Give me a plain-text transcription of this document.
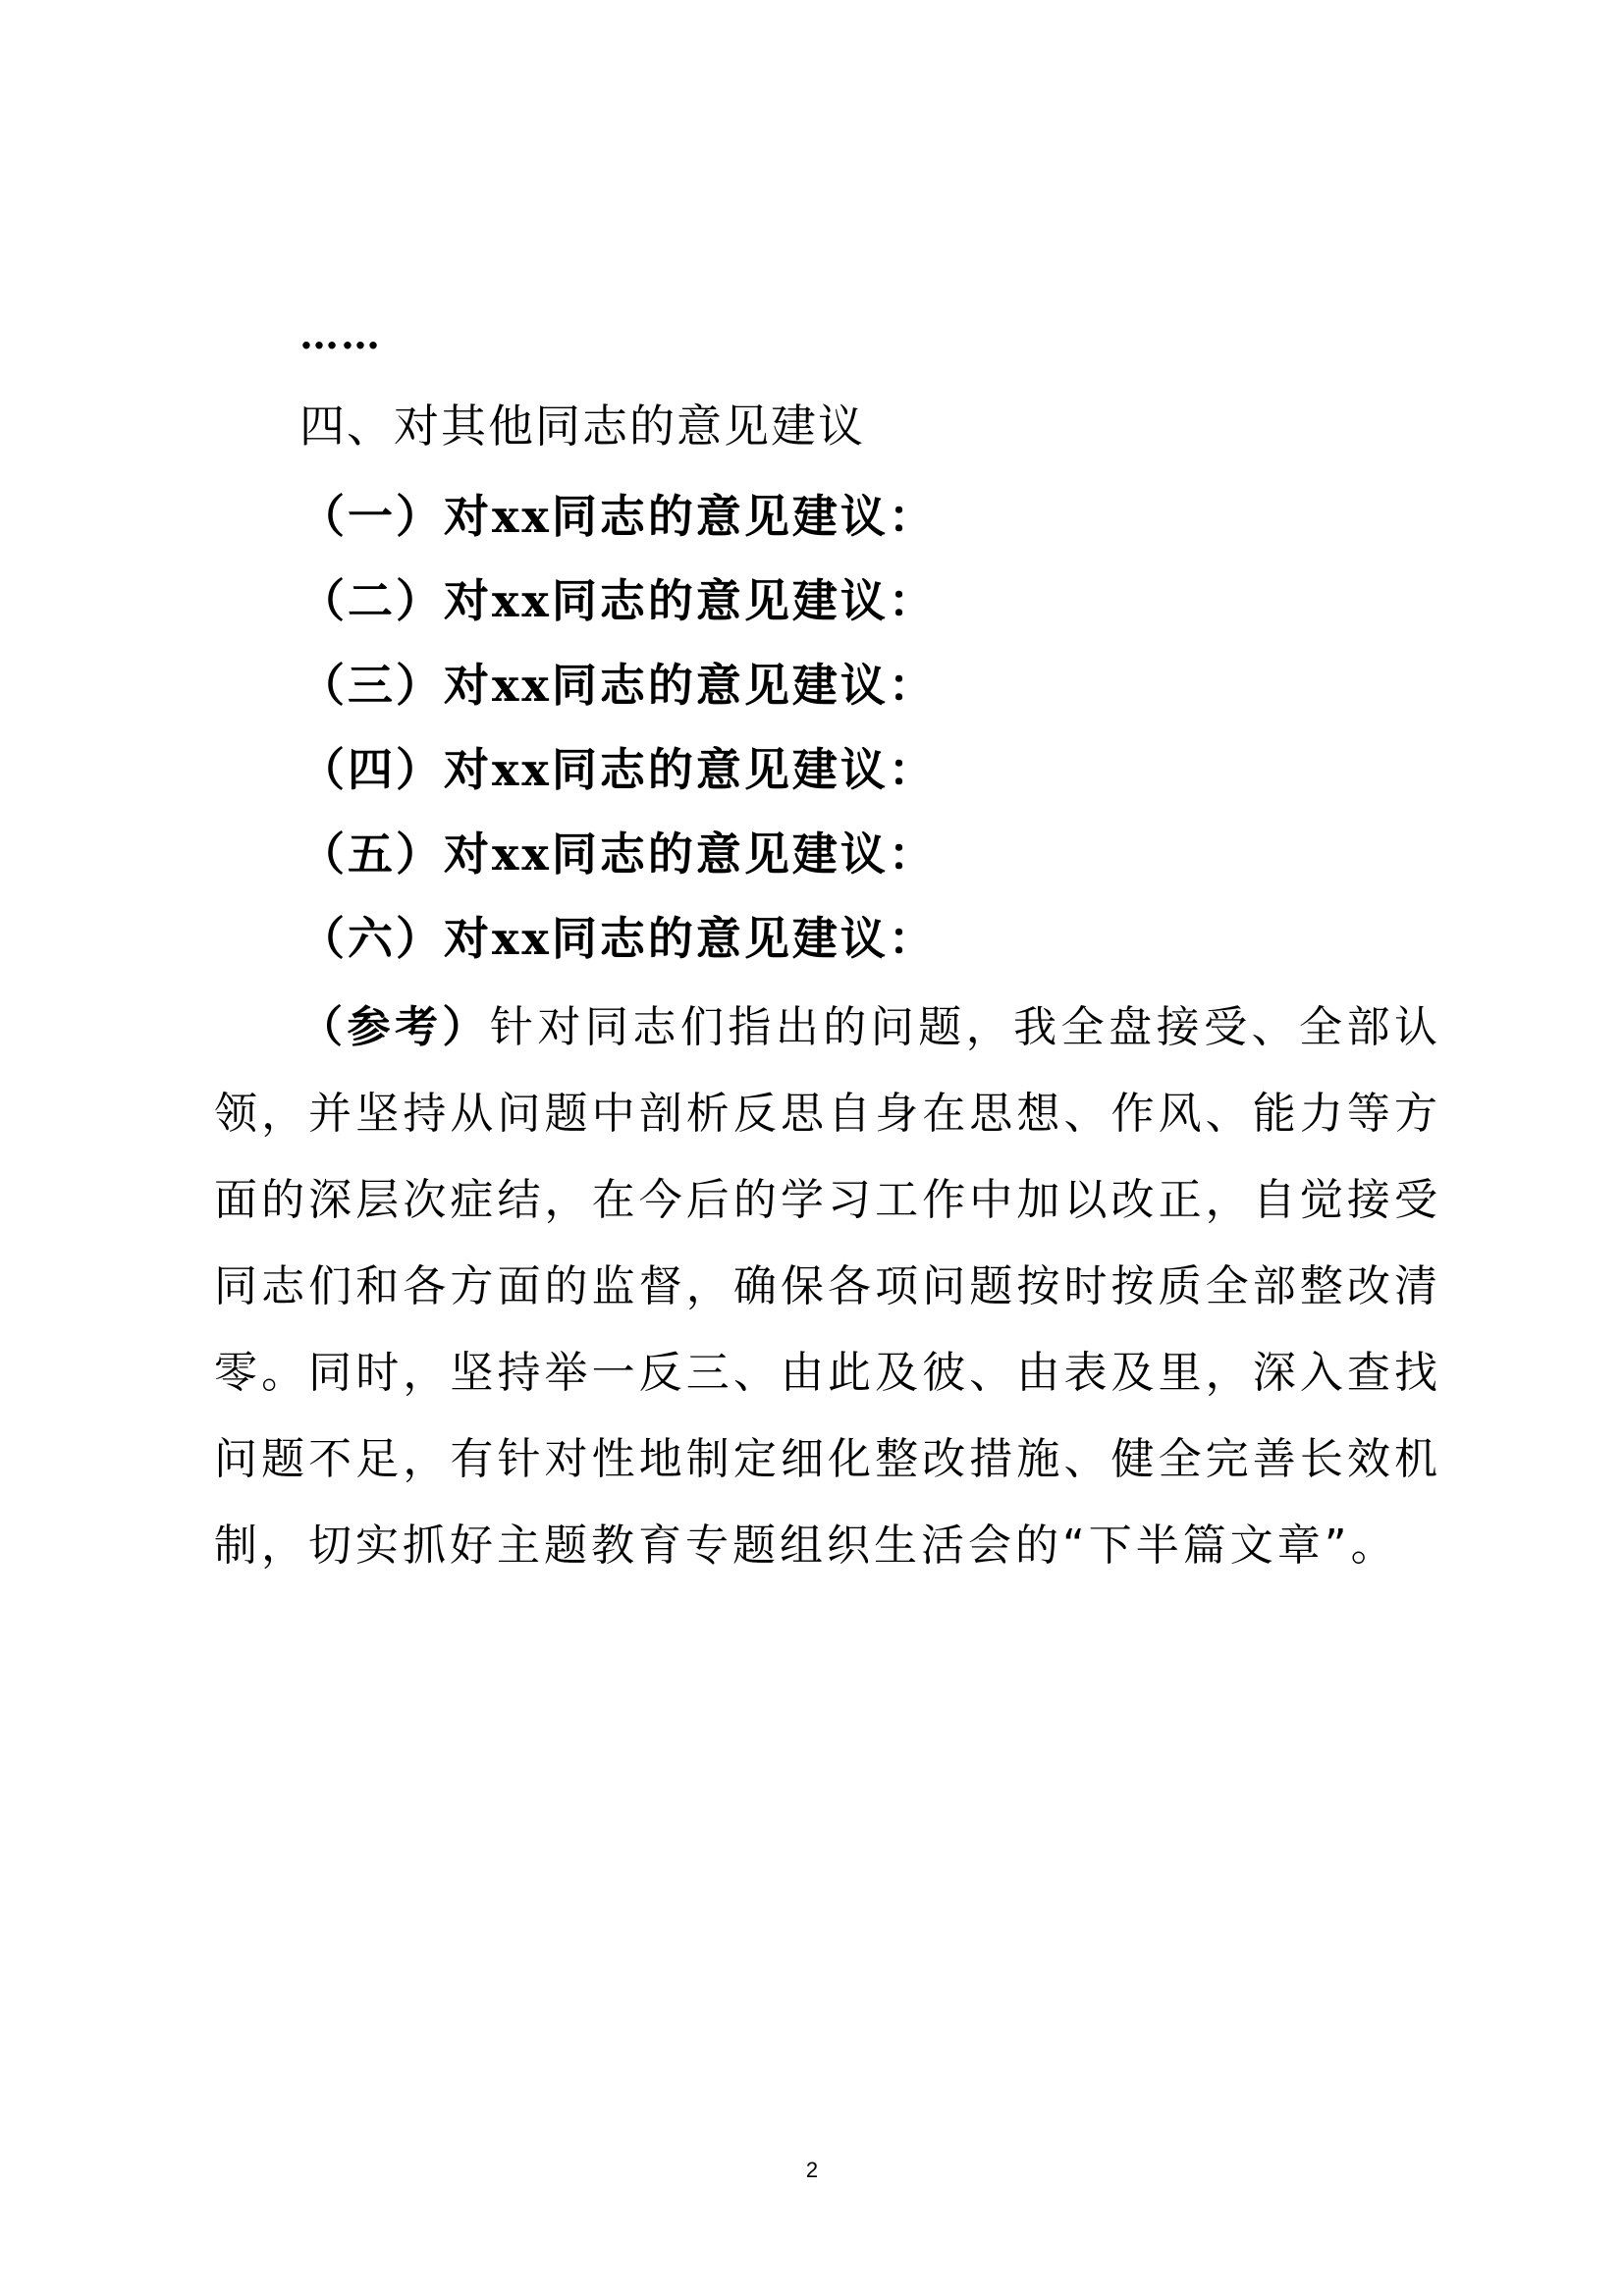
……
四、对其他同志的意见建议
（一）对xx同志的意见建议：
（二）对xx同志的意见建议：
（三）对xx同志的意见建议：
（四）对xx同志的意见建议：
（五）对xx同志的意见建议：
（六）对xx同志的意见建议：
（参考）针对同志们指出的问题，我全盘接受、全部认领，并坚持从问题中剖析反思自身在思想、作风、能力等方面的深层次症结，在今后的学习工作中加以改正，自觉接受同志们和各方面的监督，确保各项问题按时按质全部整改清零。同时，坚持举一反三、由此及彼、由表及里，深入查找问题不足，有针对性地制定细化整改措施、健全完善长效机制，切实抓好主题教育专题组织生活会的“下半篇文章”。
2
